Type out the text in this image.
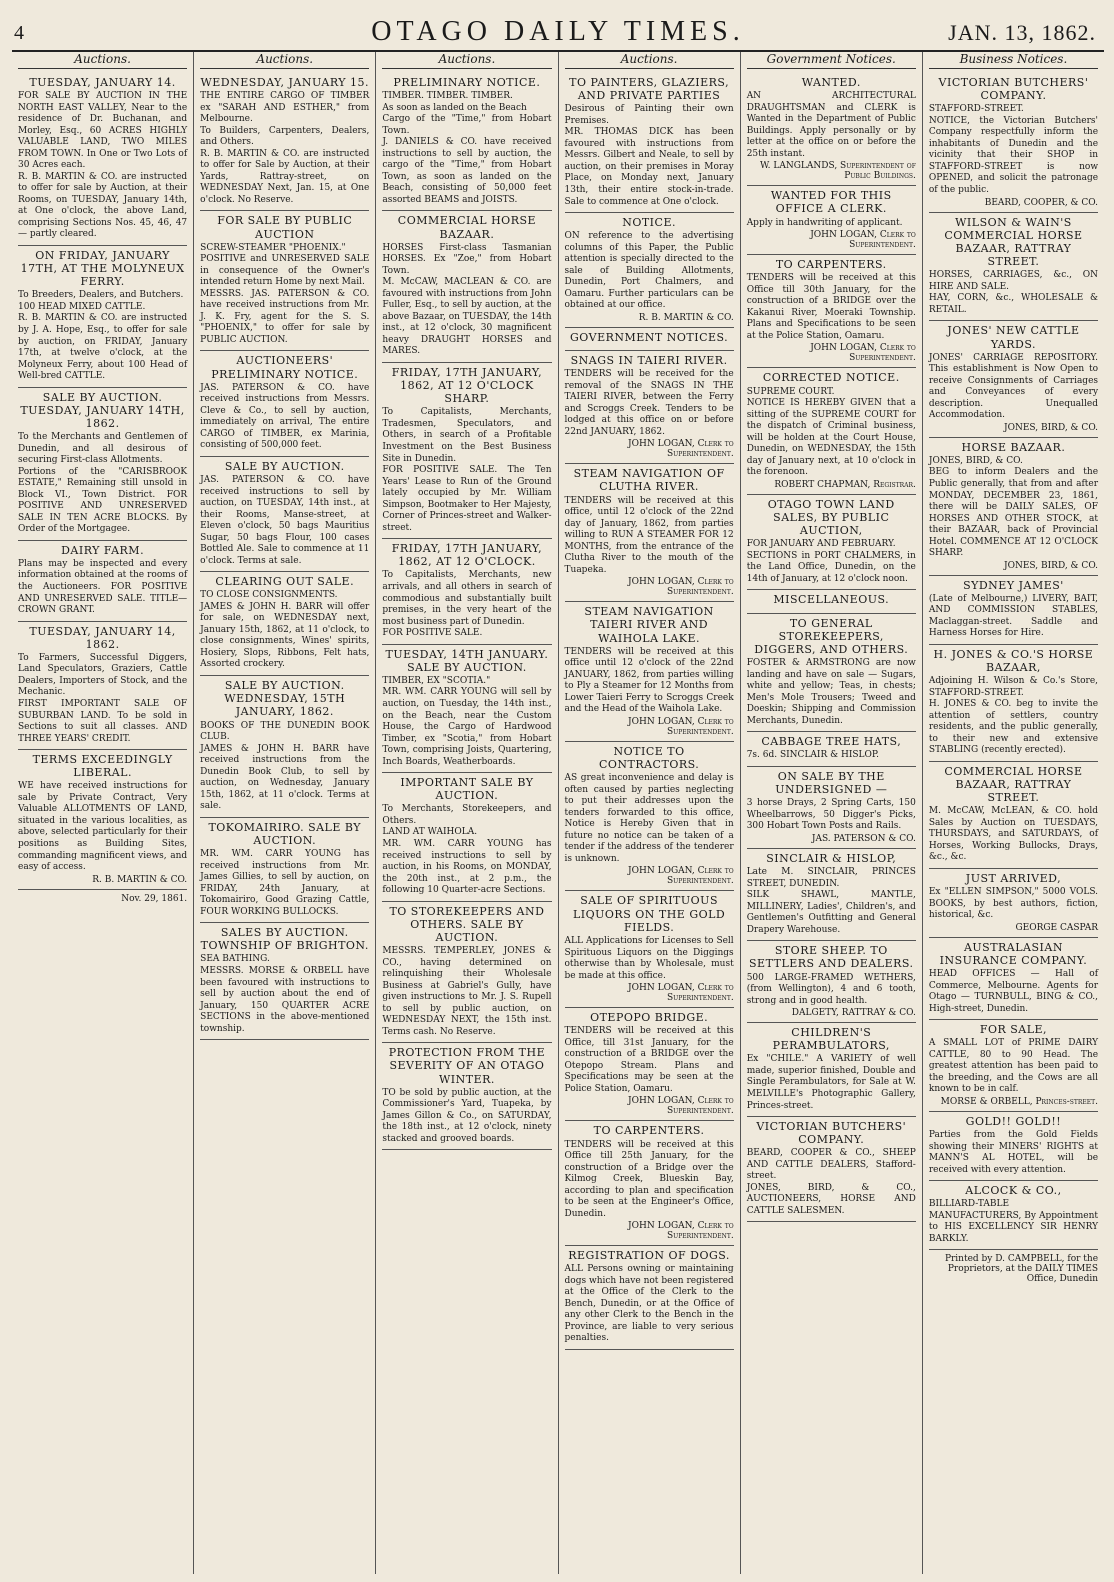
4	OTAGO DAILY TIMES.	JAN. 13, 1862.
Auctions.
TUESDAY, JANUARY 14.
FOR SALE BY AUCTION IN THE NORTH EAST VALLEY, Near to the residence of Dr. Buchanan, and Morley, Esq., 60 ACRES HIGHLY VALUABLE LAND, TWO MILES FROM TOWN. In One or Two Lots of 30 Acres each.
R. B. MARTIN & CO. are instructed to offer for sale by Auction, at their Rooms, on TUESDAY, January 14th, at One o'clock, the above Land, comprising Sections Nos. 45, 46, 47 — partly cleared.
ON FRIDAY, JANUARY 17TH, AT THE MOLYNEUX FERRY.
To Breeders, Dealers, and Butchers.
100 HEAD MIXED CATTLE.
R. B. MARTIN & CO. are instructed by J. A. Hope, Esq., to offer for sale by auction, on FRIDAY, January 17th, at twelve o'clock, at the Molyneux Ferry, about 100 Head of Well-bred CATTLE.
SALE BY AUCTION. TUESDAY, JANUARY 14TH, 1862.
To the Merchants and Gentlemen of Dunedin, and all desirous of securing First-class Allotments.
Portions of the "CARISBROOK ESTATE," Remaining still unsold in Block VI., Town District. FOR POSITIVE AND UNRESERVED SALE IN TEN ACRE BLOCKS. By Order of the Mortgagee.
DAIRY FARM.
Plans may be inspected and every information obtained at the rooms of the Auctioneers. FOR POSITIVE AND UNRESERVED SALE. TITLE—CROWN GRANT.
TUESDAY, JANUARY 14, 1862.
To Farmers, Successful Diggers, Land Speculators, Graziers, Cattle Dealers, Importers of Stock, and the Mechanic.
FIRST IMPORTANT SALE OF SUBURBAN LAND. To be sold in Sections to suit all classes. AND THREE YEARS' CREDIT.
TERMS EXCEEDINGLY LIBERAL.
WE have received instructions for sale by Private Contract, Very Valuable ALLOTMENTS OF LAND, situated in the various localities, as above, selected particularly for their positions as Building Sites, commanding magnificent views, and easy of access.
R. B. MARTIN & CO.
Nov. 29, 1861.
Auctions.
WEDNESDAY, JANUARY 15.
THE ENTIRE CARGO OF TIMBER ex "SARAH AND ESTHER," from Melbourne.
To Builders, Carpenters, Dealers, and Others.
R. B. MARTIN & CO. are instructed to offer for Sale by Auction, at their Yards, Rattray-street, on WEDNESDAY Next, Jan. 15, at One o'clock. No Reserve.
FOR SALE BY PUBLIC AUCTION
SCREW-STEAMER "PHOENIX."
POSITIVE and UNRESERVED SALE in consequence of the Owner's intended return Home by next Mail.
MESSRS. JAS. PATERSON & CO. have received instructions from Mr. J. K. Fry, agent for the S. S. "PHOENIX," to offer for sale by PUBLIC AUCTION.
AUCTIONEERS' PRELIMINARY NOTICE.
JAS. PATERSON & CO. have received instructions from Messrs. Cleve & Co., to sell by auction, immediately on arrival, The entire CARGO of TIMBER, ex Marinia, consisting of 500,000 feet.
SALE BY AUCTION.
JAS. PATERSON & CO. have received instructions to sell by auction, on TUESDAY, 14th inst., at their Rooms, Manse-street, at Eleven o'clock, 50 bags Mauritius Sugar, 50 bags Flour, 100 cases Bottled Ale. Sale to commence at 11 o'clock. Terms at sale.
CLEARING OUT SALE.
TO CLOSE CONSIGNMENTS.
JAMES & JOHN H. BARR will offer for sale, on WEDNESDAY next, January 15th, 1862, at 11 o'clock, to close consignments, Wines' spirits, Hosiery, Slops, Ribbons, Felt hats, Assorted crockery.
SALE BY AUCTION. WEDNESDAY, 15TH JANUARY, 1862.
BOOKS OF THE DUNEDIN BOOK CLUB.
JAMES & JOHN H. BARR have received instructions from the Dunedin Book Club, to sell by auction, on Wednesday, January 15th, 1862, at 11 o'clock. Terms at sale.
TOKOMAIRIRO. SALE BY AUCTION.
MR. WM. CARR YOUNG has received instructions from Mr. James Gillies, to sell by auction, on FRIDAY, 24th January, at Tokomairiro, Good Grazing Cattle, FOUR WORKING BULLOCKS.
SALES BY AUCTION. TOWNSHIP OF BRIGHTON.
SEA BATHING.
MESSRS. MORSE & ORBELL have been favoured with instructions to sell by auction about the end of January, 150 QUARTER ACRE SECTIONS in the above-mentioned township.
Auctions.
PRELIMINARY NOTICE.
TIMBER. TIMBER. TIMBER.
As soon as landed on the Beach
Cargo of the "Time," from Hobart Town.
J. DANIELS & CO. have received instructions to sell by auction, the cargo of the "Time," from Hobart Town, as soon as landed on the Beach, consisting of 50,000 feet assorted BEAMS and JOISTS.
COMMERCIAL HORSE BAZAAR.
HORSES First-class Tasmanian HORSES. Ex "Zoe," from Hobart Town.
M. McCAW, MACLEAN & CO. are favoured with instructions from John Fuller, Esq., to sell by auction, at the above Bazaar, on TUESDAY, the 14th inst., at 12 o'clock, 30 magnificent heavy DRAUGHT HORSES and MARES.
FRIDAY, 17TH JANUARY, 1862, AT 12 O'CLOCK SHARP.
To Capitalists, Merchants, Tradesmen, Speculators, and Others, in search of a Profitable Investment on the Best Business Site in Dunedin.
FOR POSITIVE SALE. The Ten Years' Lease to Run of the Ground lately occupied by Mr. William Simpson, Bootmaker to Her Majesty, Corner of Princes-street and Walker-street.
FRIDAY, 17TH JANUARY, 1862, AT 12 O'CLOCK.
To Capitalists, Merchants, new arrivals, and all others in search of commodious and substantially built premises, in the very heart of the most business part of Dunedin.
FOR POSITIVE SALE.
TUESDAY, 14TH JANUARY. SALE BY AUCTION.
TIMBER, EX "SCOTIA."
MR. WM. CARR YOUNG will sell by auction, on Tuesday, the 14th inst., on the Beach, near the Custom House, the Cargo of Hardwood Timber, ex "Scotia," from Hobart Town, comprising Joists, Quartering, Inch Boards, Weatherboards.
IMPORTANT SALE BY AUCTION.
To Merchants, Storekeepers, and Others.
LAND AT WAIHOLA.
MR. WM. CARR YOUNG has received instructions to sell by auction, in his Rooms, on MONDAY, the 20th inst., at 2 p.m., the following 10 Quarter-acre Sections.
TO STOREKEEPERS AND OTHERS. SALE BY AUCTION.
MESSRS. TEMPERLEY, JONES & CO., having determined on relinquishing their Wholesale Business at Gabriel's Gully, have given instructions to Mr. J. S. Rupell to sell by public auction, on WEDNESDAY NEXT, the 15th inst. Terms cash. No Reserve.
PROTECTION FROM THE SEVERITY OF AN OTAGO WINTER.
TO be sold by public auction, at the Commissioner's Yard, Tuapeka, by James Gillon & Co., on SATURDAY, the 18th inst., at 12 o'clock, ninety stacked and grooved boards.
Auctions.
TO PAINTERS, GLAZIERS, AND PRIVATE PARTIES
Desirous of Painting their own Premises.
MR. THOMAS DICK has been favoured with instructions from Messrs. Gilbert and Neale, to sell by auction, on their premises in Moray Place, on Monday next, January 13th, their entire stock-in-trade. Sale to commence at One o'clock.
NOTICE.
ON reference to the advertising columns of this Paper, the Public attention is specially directed to the sale of Building Allotments, Dunedin, Port Chalmers, and Oamaru. Further particulars can be obtained at our office.
R. B. MARTIN & CO.
GOVERNMENT NOTICES.
SNAGS IN TAIERI RIVER.
TENDERS will be received for the removal of the SNAGS IN THE TAIERI RIVER, between the Ferry and Scroggs Creek. Tenders to be lodged at this office on or before 22nd JANUARY, 1862.
JOHN LOGAN, Clerk to Superintendent.
STEAM NAVIGATION OF CLUTHA RIVER.
TENDERS will be received at this office, until 12 o'clock of the 22nd day of January, 1862, from parties willing to RUN A STEAMER FOR 12 MONTHS, from the entrance of the Clutha River to the mouth of the Tuapeka.
JOHN LOGAN, Clerk to Superintendent.
STEAM NAVIGATION TAIERI RIVER AND WAIHOLA LAKE.
TENDERS will be received at this office until 12 o'clock of the 22nd JANUARY, 1862, from parties willing to Ply a Steamer for 12 Months from Lower Taieri Ferry to Scroggs Creek and the Head of the Waihola Lake.
JOHN LOGAN, Clerk to Superintendent.
NOTICE TO CONTRACTORS.
AS great inconvenience and delay is often caused by parties neglecting to put their addresses upon the tenders forwarded to this office, Notice is Hereby Given that in future no notice can be taken of a tender if the address of the tenderer is unknown.
JOHN LOGAN, Clerk to Superintendent.
SALE OF SPIRITUOUS LIQUORS ON THE GOLD FIELDS.
ALL Applications for Licenses to Sell Spirituous Liquors on the Diggings otherwise than by Wholesale, must be made at this office.
JOHN LOGAN, Clerk to Superintendent.
OTEPOPO BRIDGE.
TENDERS will be received at this Office, till 31st January, for the construction of a BRIDGE over the Otepopo Stream. Plans and Specifications may be seen at the Police Station, Oamaru.
JOHN LOGAN, Clerk to Superintendent.
TO CARPENTERS.
TENDERS will be received at this Office till 25th January, for the construction of a Bridge over the Kilmog Creek, Blueskin Bay, according to plan and specification to be seen at the Engineer's Office, Dunedin.
JOHN LOGAN, Clerk to Superintendent.
REGISTRATION OF DOGS.
ALL Persons owning or maintaining dogs which have not been registered at the Office of the Clerk to the Bench, Dunedin, or at the Office of any other Clerk to the Bench in the Province, are liable to very serious penalties.
Government Notices.
WANTED.
AN ARCHITECTURAL DRAUGHTSMAN and CLERK is Wanted in the Department of Public Buildings. Apply personally or by letter at the office on or before the 25th instant.
W. LANGLANDS, Superintendent of Public Buildings.
WANTED FOR THIS OFFICE A CLERK.
Apply in handwriting of applicant.
JOHN LOGAN, Clerk to Superintendent.
TO CARPENTERS.
TENDERS will be received at this Office till 30th January, for the construction of a BRIDGE over the Kakanui River, Moeraki Township. Plans and Specifications to be seen at the Police Station, Oamaru.
JOHN LOGAN, Clerk to Superintendent.
CORRECTED NOTICE.
SUPREME COURT.
NOTICE IS HEREBY GIVEN that a sitting of the SUPREME COURT for the dispatch of Criminal business, will be holden at the Court House, Dunedin, on WEDNESDAY, the 15th day of January next, at 10 o'clock in the forenoon.
ROBERT CHAPMAN, Registrar.
OTAGO TOWN LAND SALES, BY PUBLIC AUCTION,
FOR JANUARY AND FEBRUARY.
SECTIONS in PORT CHALMERS, in the Land Office, Dunedin, on the 14th of January, at 12 o'clock noon.
MISCELLANEOUS.
TO GENERAL STOREKEEPERS, DIGGERS, AND OTHERS.
FOSTER & ARMSTRONG are now landing and have on sale — Sugars, white and yellow; Teas, in chests; Men's Mole Trousers; Tweed and Doeskin; Shipping and Commission Merchants, Dunedin.
CABBAGE TREE HATS,
7s. 6d. SINCLAIR & HISLOP.
ON SALE BY THE UNDERSIGNED —
3 horse Drays, 2 Spring Carts, 150 Wheelbarrows, 50 Digger's Picks, 300 Hobart Town Posts and Rails.
JAS. PATERSON & CO.
SINCLAIR & HISLOP,
Late M. SINCLAIR, PRINCES STREET, DUNEDIN.
SILK SHAWL, MANTLE, MILLINERY, Ladies', Children's, and Gentlemen's Outfitting and General Drapery Warehouse.
STORE SHEEP. TO SETTLERS AND DEALERS.
500 LARGE-FRAMED WETHERS, (from Wellington), 4 and 6 tooth, strong and in good health.
DALGETY, RATTRAY & CO.
CHILDREN'S PERAMBULATORS,
Ex "CHILE." A VARIETY of well made, superior finished, Double and Single Perambulators, for Sale at W. MELVILLE's Photographic Gallery, Princes-street.
VICTORIAN BUTCHERS' COMPANY.
BEARD, COOPER & CO., SHEEP AND CATTLE DEALERS, Stafford-street.
JONES, BIRD, & CO., AUCTIONEERS, HORSE AND CATTLE SALESMEN.
Business Notices.
VICTORIAN BUTCHERS' COMPANY.
STAFFORD-STREET.
NOTICE, the Victorian Butchers' Company respectfully inform the inhabitants of Dunedin and the vicinity that their SHOP in STAFFORD-STREET is now OPENED, and solicit the patronage of the public.
BEARD, COOPER, & CO.
WILSON & WAIN'S COMMERCIAL HORSE BAZAAR, RATTRAY STREET.
HORSES, CARRIAGES, &c., ON HIRE AND SALE.
HAY, CORN, &c., WHOLESALE & RETAIL.
JONES' NEW CATTLE YARDS.
JONES' CARRIAGE REPOSITORY. This establishment is Now Open to receive Consignments of Carriages and Conveyances of every description. Unequalled Accommodation.
JONES, BIRD, & CO.
HORSE BAZAAR.
JONES, BIRD, & CO.
BEG to inform Dealers and the Public generally, that from and after MONDAY, DECEMBER 23, 1861, there will be DAILY SALES, OF HORSES AND OTHER STOCK, at their BAZAAR, back of Provincial Hotel. COMMENCE AT 12 O'CLOCK SHARP.
JONES, BIRD, & CO.
SYDNEY JAMES'
(Late of Melbourne,) LIVERY, BAIT, AND COMMISSION STABLES, Maclaggan-street. Saddle and Harness Horses for Hire.
H. JONES & CO.'S HORSE BAZAAR,
Adjoining H. Wilson & Co.'s Store, STAFFORD-STREET.
H. JONES & CO. beg to invite the attention of settlers, country residents, and the public generally, to their new and extensive STABLING (recently erected).
COMMERCIAL HORSE BAZAAR, RATTRAY STREET.
M. McCAW, McLEAN, & CO. hold Sales by Auction on TUESDAYS, THURSDAYS, and SATURDAYS, of Horses, Working Bullocks, Drays, &c., &c.
JUST ARRIVED,
Ex "ELLEN SIMPSON," 5000 VOLS. BOOKS, by best authors, fiction, historical, &c.
GEORGE CASPAR
AUSTRALASIAN INSURANCE COMPANY.
HEAD OFFICES — Hall of Commerce, Melbourne. Agents for Otago — TURNBULL, BING & CO., High-street, Dunedin.
FOR SALE,
A SMALL LOT of PRIME DAIRY CATTLE, 80 to 90 Head. The greatest attention has been paid to the breeding, and the Cows are all known to be in calf.
MORSE & ORBELL, Princes-street.
GOLD!! GOLD!!
Parties from the Gold Fields showing their MINERS' RIGHTS at MANN'S AL HOTEL, will be received with every attention.
ALCOCK & CO.,
BILLIARD-TABLE MANUFACTURERS, By Appointment to HIS EXCELLENCY SIR HENRY BARKLY.
Printed by D. CAMPBELL, for the Proprietors, at the DAILY TIMES Office, Dunedin
